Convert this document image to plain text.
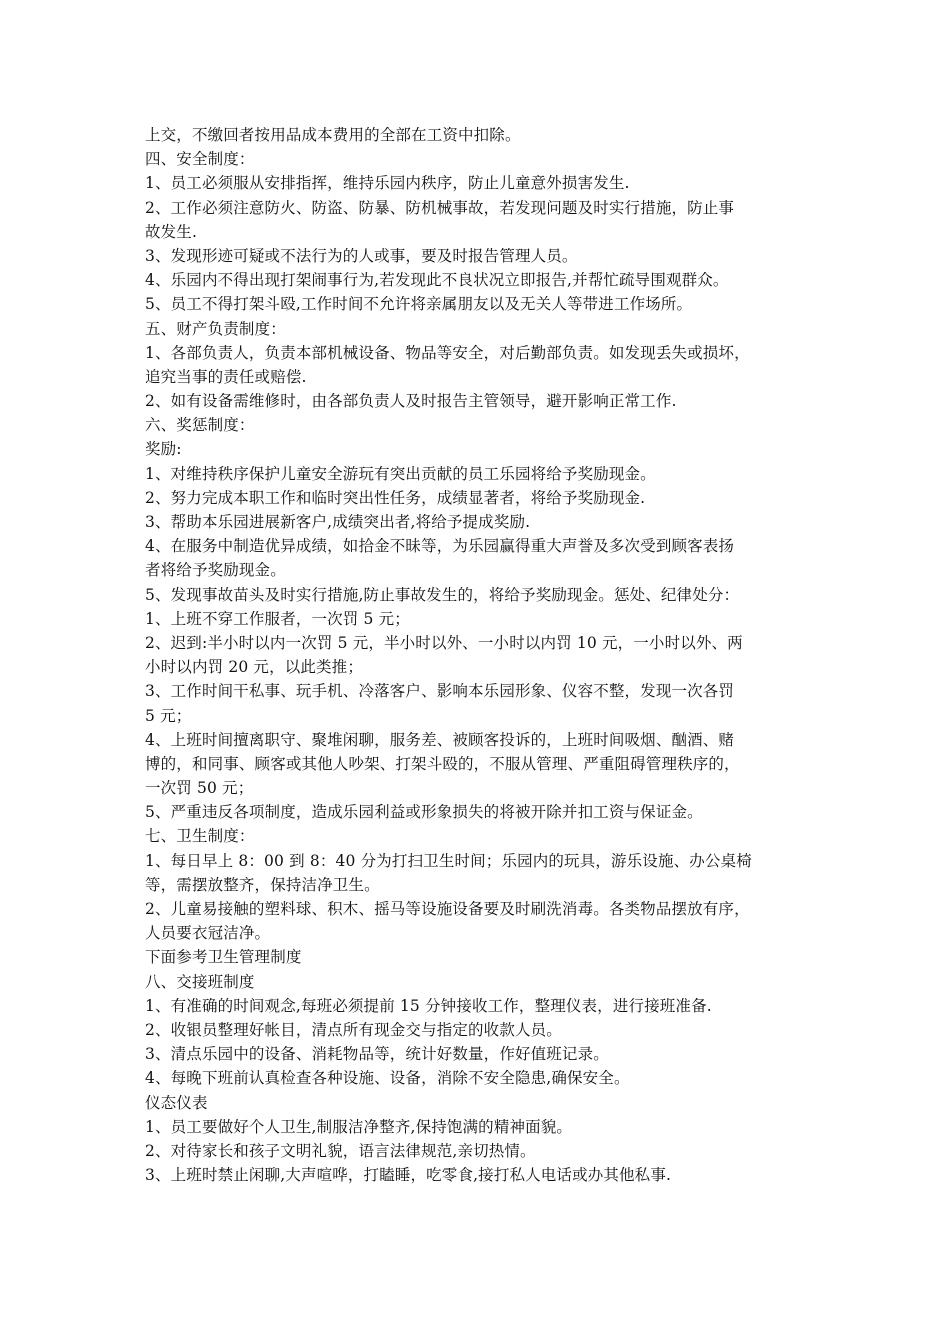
上交，不缴回者按用品成本费用的全部在工资中扣除。
四、安全制度：
1、员工必须服从安排指挥，维持乐园内秩序，防止儿童意外损害发生.
2、工作必须注意防火、防盗、防暴、防机械事故，若发现问题及时实行措施，防止事
故发生.
3、发现形迹可疑或不法行为的人或事，要及时报告管理人员。
4、乐园内不得出现打架闹事行为,若发现此不良状况立即报告,并帮忙疏导围观群众。
5、员工不得打架斗殴,工作时间不允许将亲属朋友以及无关人等带进工作场所。
五、财产负责制度：
1、各部负责人，负责本部机械设备、物品等安全，对后勤部负责。如发现丢失或损坏，
追究当事的责任或赔偿.
2、如有设备需维修时，由各部负责人及时报告主管领导，避开影响正常工作.
六、奖惩制度：
奖励:
1、对维持秩序保护儿童安全游玩有突出贡献的员工乐园将给予奖励现金。
2、努力完成本职工作和临时突出性任务，成绩显著者，将给予奖励现金.
3、帮助本乐园进展新客户,成绩突出者,将给予提成奖励.
4、在服务中制造优异成绩，如拾金不昧等，为乐园赢得重大声誉及多次受到顾客表扬
者将给予奖励现金。
5、发现事故苗头及时实行措施,防止事故发生的，将给予奖励现金。惩处、纪律处分：
1、上班不穿工作服者，一次罚 5 元；
2、迟到:半小时以内一次罚 5 元，半小时以外、一小时以内罚 10 元，一小时以外、两
小时以内罚 20 元，以此类推；
3、工作时间干私事、玩手机、冷落客户、影响本乐园形象、仪容不整，发现一次各罚
5 元；
4、上班时间擅离职守、聚堆闲聊，服务差、被顾客投诉的，上班时间吸烟、酗酒、赌
博的，和同事、顾客或其他人吵架、打架斗殴的，不服从管理、严重阻碍管理秩序的，
一次罚 50 元；
5、严重违反各项制度，造成乐园利益或形象损失的将被开除并扣工资与保证金。
七、卫生制度：
1、每日早上 8：00 到 8：40 分为打扫卫生时间；乐园内的玩具，游乐设施、办公桌椅
等，需摆放整齐，保持洁净卫生。
2、儿童易接触的塑料球、积木、摇马等设施设备要及时刷洗消毒。各类物品摆放有序，
人员要衣冠洁净。
下面参考卫生管理制度
八、交接班制度
1、有准确的时间观念,每班必须提前 15 分钟接收工作，整理仪表，进行接班准备.
2、收银员整理好帐目，清点所有现金交与指定的收款人员。
3、清点乐园中的设备、消耗物品等，统计好数量，作好值班记录。
4、每晚下班前认真检查各种设施、设备，消除不安全隐患,确保安全。
仪态仪表
1、员工要做好个人卫生,制服洁净整齐,保持饱满的精神面貌。
2、对待家长和孩子文明礼貌，语言法律规范,亲切热情。
3、上班时禁止闲聊,大声喧哗，打瞌睡，吃零食,接打私人电话或办其他私事.
